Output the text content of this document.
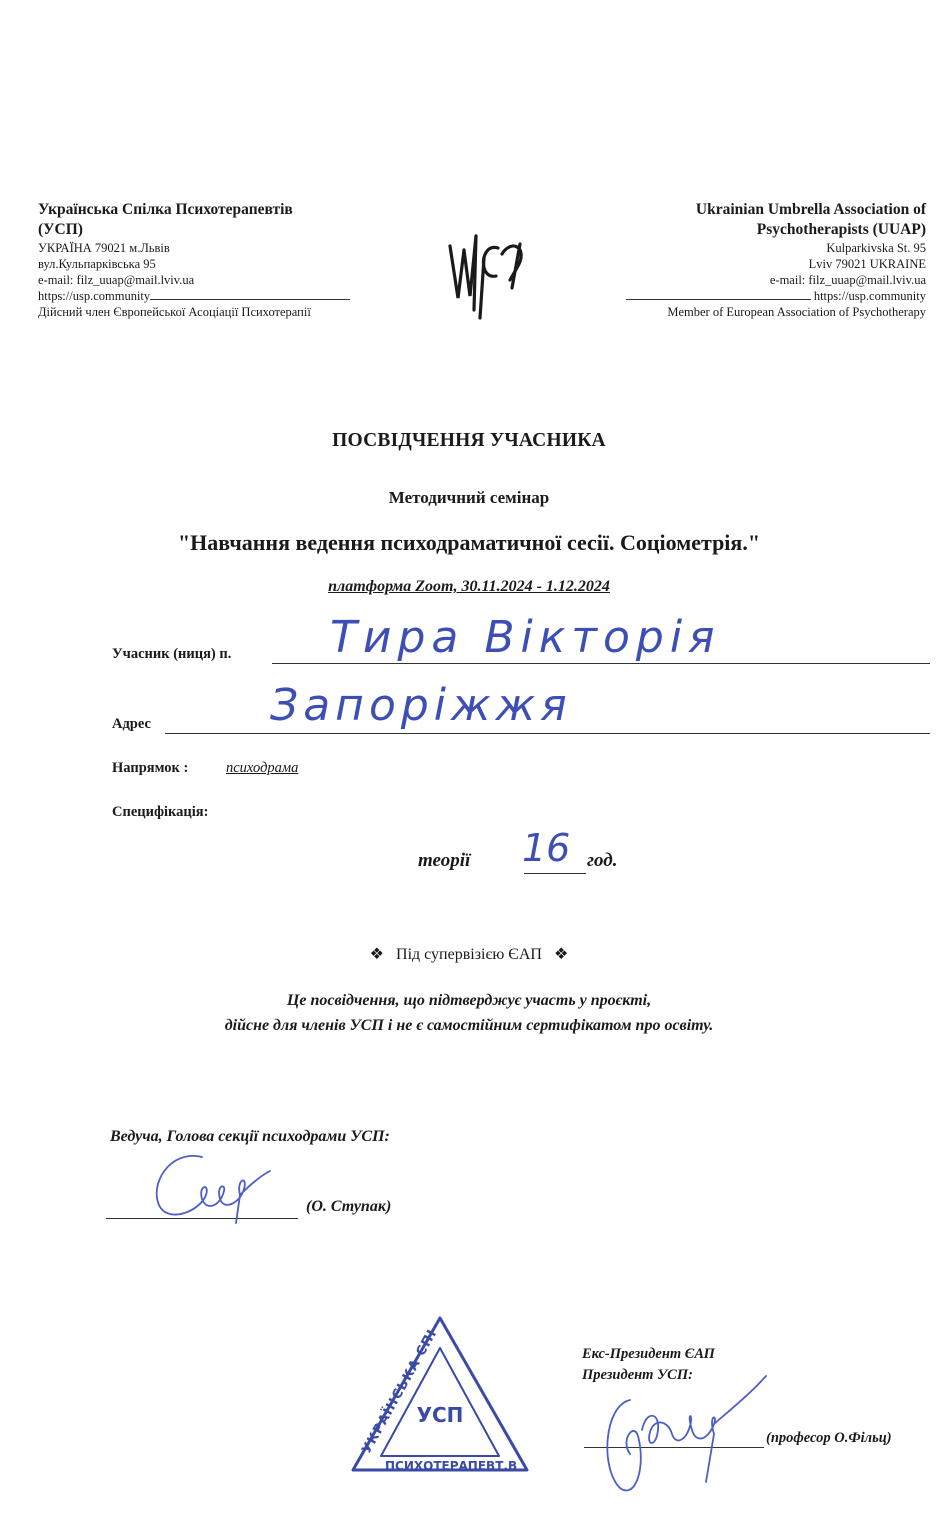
Українська Спілка Психотерапевтів
(УСП)
УКРАЇНА 79021 м.Львів
вул.Кульпарківська 95
e-mail: filz_uuap@mail.lviv.ua
https://usp.community
Дійсний член Європейської Асоціації Психотерапії
Ukrainian Umbrella Association of
Psychotherapists (UUAP)
Kulparkivska St. 95
Lviv 79021 UKRAINE
e-mail: filz_uuap@mail.lviv.ua
https://usp.community
Member of European Association of Psychotherapy
ПОСВІДЧЕННЯ УЧАСНИКА
Методичний семінар
"Навчання ведення психодраматичної сесії. Соціометрія."
платформа Zoom, 30.11.2024 - 1.12.2024
Учасник (ниця) п. Тира Вікторія
Адрес	Запоріжжя
Напрямок :	психодрама
Специфікація:
теорії 16 год.
❖ Під супервізією ЄАП ❖
Це посвідчення, що підтверджує участь у проєкті,
дійсне для членів УСП і не є самостійним сертифікатом про освіту.
Ведуча, Голова секції психодрами УСП:
(О. Ступак)
УКРАЇНСЬКА СПІ
ПСИХОТЕРАПЕВТ.В
УСП
Екс-Президент ЄАП
Президент УСП:
(професор О.Фільц)
